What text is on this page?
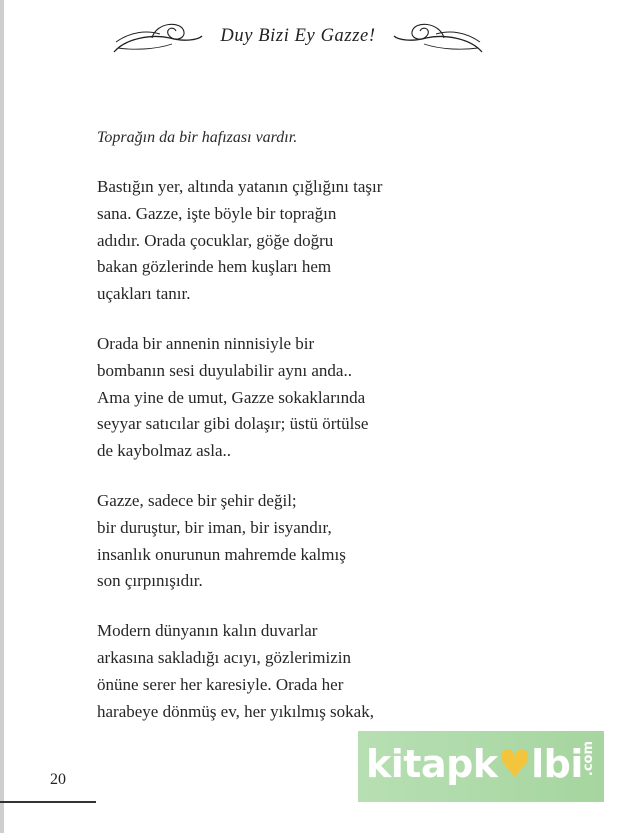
Duy Bizi Ey Gazze!

Toprağın da bir hafızası vardır.

Bastığın yer, altında yatanın çığlığını taşır
sana. Gazze, işte böyle bir toprağın
adıdır. Orada çocuklar, göğe doğru
bakan gözlerinde hem kuşları hem
uçakları tanır.
Orada bir annenin ninnisiyle bir
bombanın sesi duyulabilir aynı anda..
Ama yine de umut, Gazze sokaklarında
seyyar satıcılar gibi dolaşır; üstü örtülse
de kaybolmaz asla..
Gazze, sadece bir şehir değil;
bir duruştur, bir iman, bir isyandır,
insanlık onurunun mahremde kalmış
son çırpınışıdır.
Modern dünyanın kalın duvarlar
arkasına sakladığı acıyı, gözlerimizin
önüne serer her karesiyle. Orada her
harabeye dönmüş ev, her yıkılmış sokak,
20	kitapk♥lbi
.com
